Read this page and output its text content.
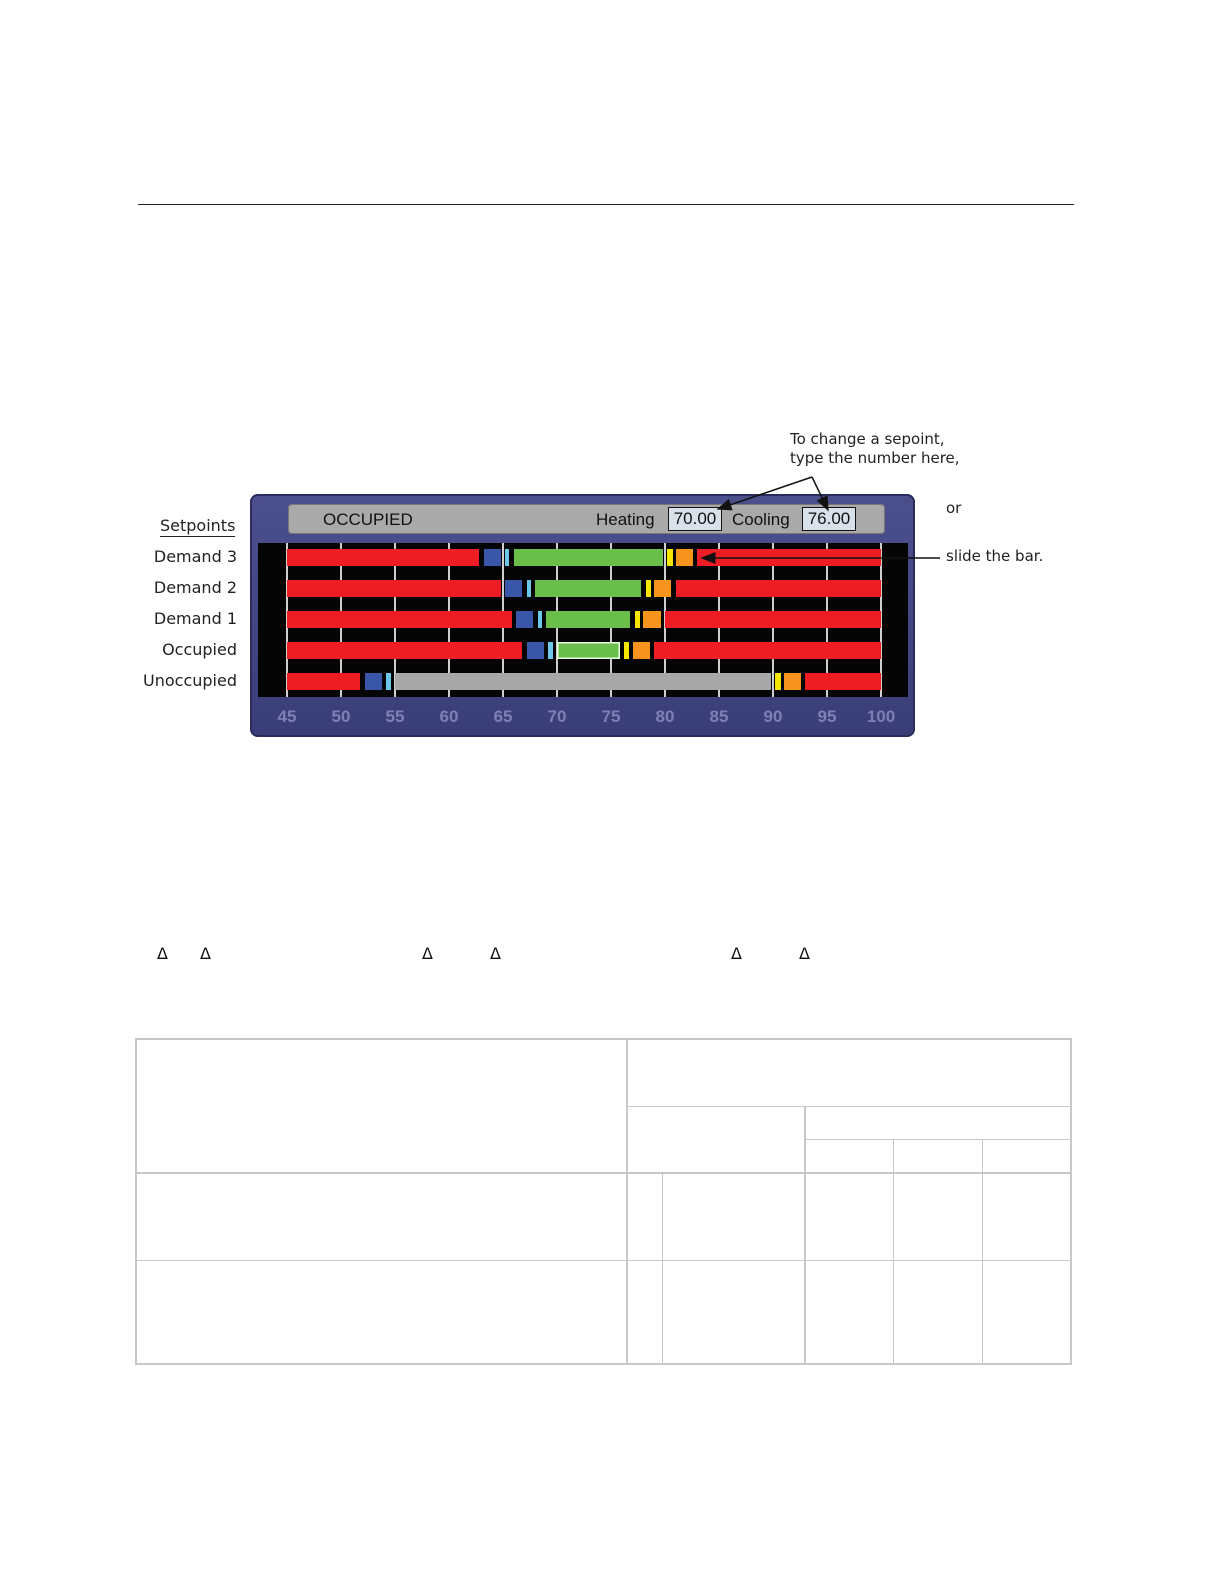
To change a sepoint,
type the number here,
or
slide the bar.
Setpoints
Demand 3
Demand 2
Demand 1
Occupied
Unoccupied
OCCUPIED	Heating	70.00 Cooling	76.00
45 50 55 60 65 70 75 80 85 90 95 100
Δ Δ	Δ	Δ	Δ	Δ
